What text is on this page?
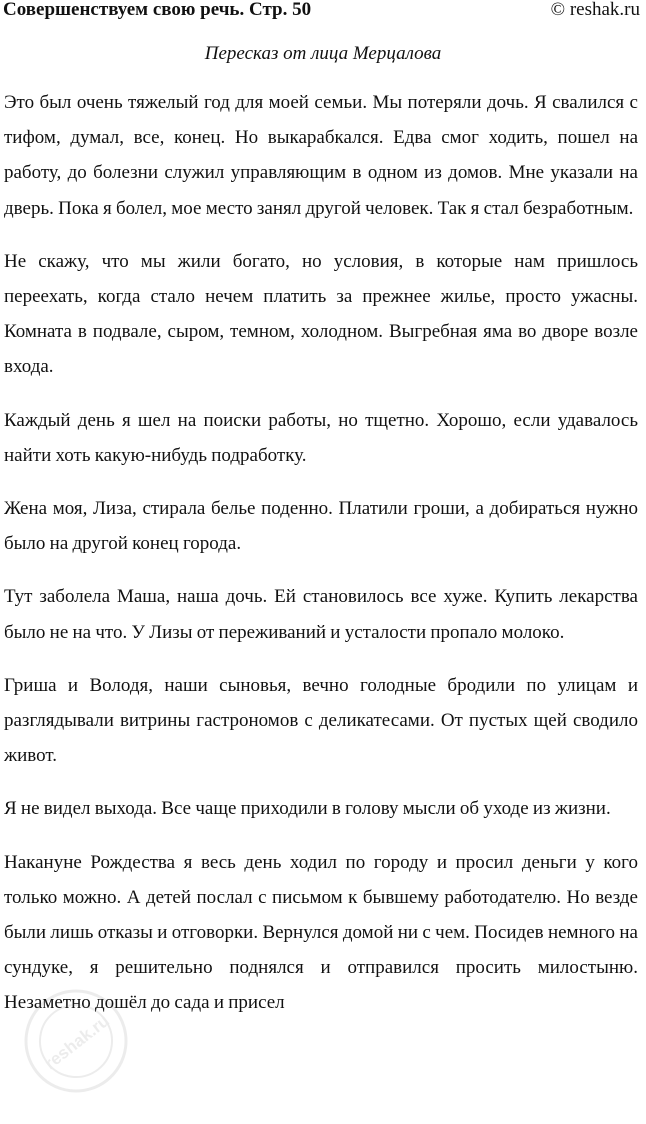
Совершенствуем свою речь. Стр. 50	© reshak.ru
Пересказ от лица Мерцалова

Это был очень тяжелый год для моей семьи. Мы потеряли дочь. Я свалился с тифом, думал, все, конец. Но выкарабкался. Едва смог ходить, пошел на работу, до болезни служил управляющим в одном из домов. Мне указали на дверь. Пока я болел, мое место занял другой человек. Так я стал безработным.

Не скажу, что мы жили богато, но условия, в которые нам пришлось переехать, когда стало нечем платить за прежнее жилье, просто ужасны. Комната в подвале, сыром, темном, холодном. Выгребная яма во дворе возле входа.

Каждый день я шел на поиски работы, но тщетно. Хорошо, если удавалось найти хоть какую-нибудь подработку.

Жена моя, Лиза, стирала белье поденно. Платили гроши, а добираться нужно было на другой конец города.

Тут заболела Маша, наша дочь. Ей становилось все хуже. Купить лекарства было не на что. У Лизы от переживаний и усталости пропало молоко.

Гриша и Володя, наши сыновья, вечно голодные бродили по улицам и разглядывали витрины гастрономов с деликатесами. От пустых щей сводило живот.

Я не видел выхода. Все чаще приходили в голову мысли об уходе из жизни.

Накануне Рождества я весь день ходил по городу и просил деньги у кого только можно. А детей послал с письмом к бывшему работодателю. Но везде были лишь отказы и отговорки. Вернулся домой ни с чем. Посидев немного на сундуке, я решительно поднялся и отправился просить милостыню. Незаметно дошёл до сада и присел

reshak.ru
